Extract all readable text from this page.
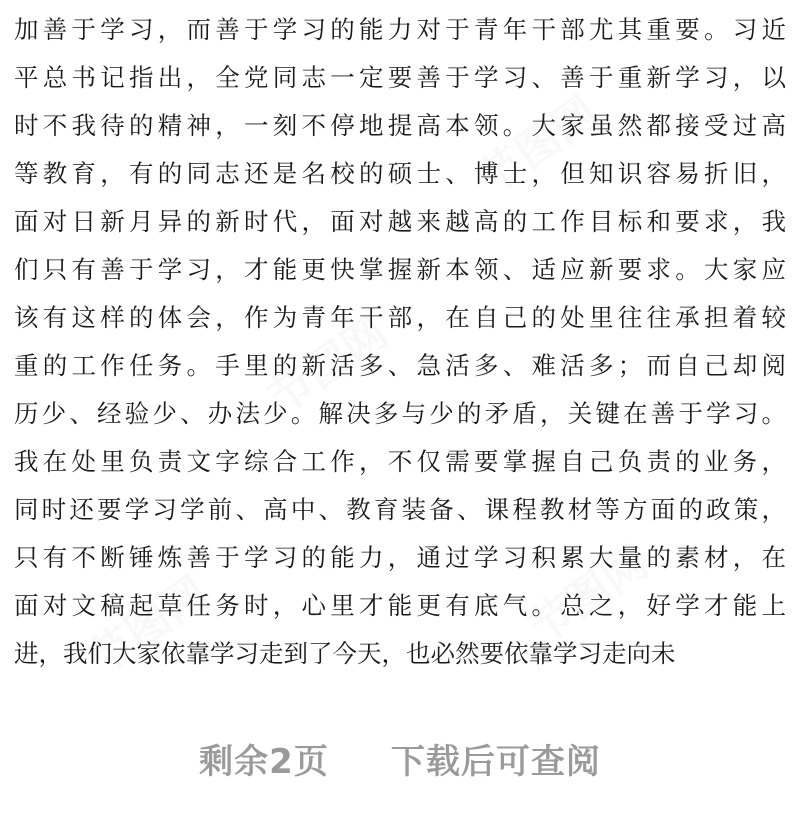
节图网
节图网
节图网	节图网
加善于学习，而善于学习的能力对于青年干部尤其重要。习近
平总书记指出，全党同志一定要善于学习、善于重新学习，以
时不我待的精神，一刻不停地提高本领。大家虽然都接受过高
等教育，有的同志还是名校的硕士、博士，但知识容易折旧，
面对日新月异的新时代，面对越来越高的工作目标和要求，我
们只有善于学习，才能更快掌握新本领、适应新要求。大家应
该有这样的体会，作为青年干部，在自己的处里往往承担着较
重的工作任务。手里的新活多、急活多、难活多；而自己却阅
历少、经验少、办法少。解决多与少的矛盾，关键在善于学习。
我在处里负责文字综合工作，不仅需要掌握自己负责的业务，
同时还要学习学前、高中、教育装备、课程教材等方面的政策，
只有不断锤炼善于学习的能力，通过学习积累大量的素材，在
面对文稿起草任务时，心里才能更有底气。总之，好学才能上
进，我们大家依靠学习走到了今天，也必然要依靠学习走向未
剩余2页 下载后可查阅
